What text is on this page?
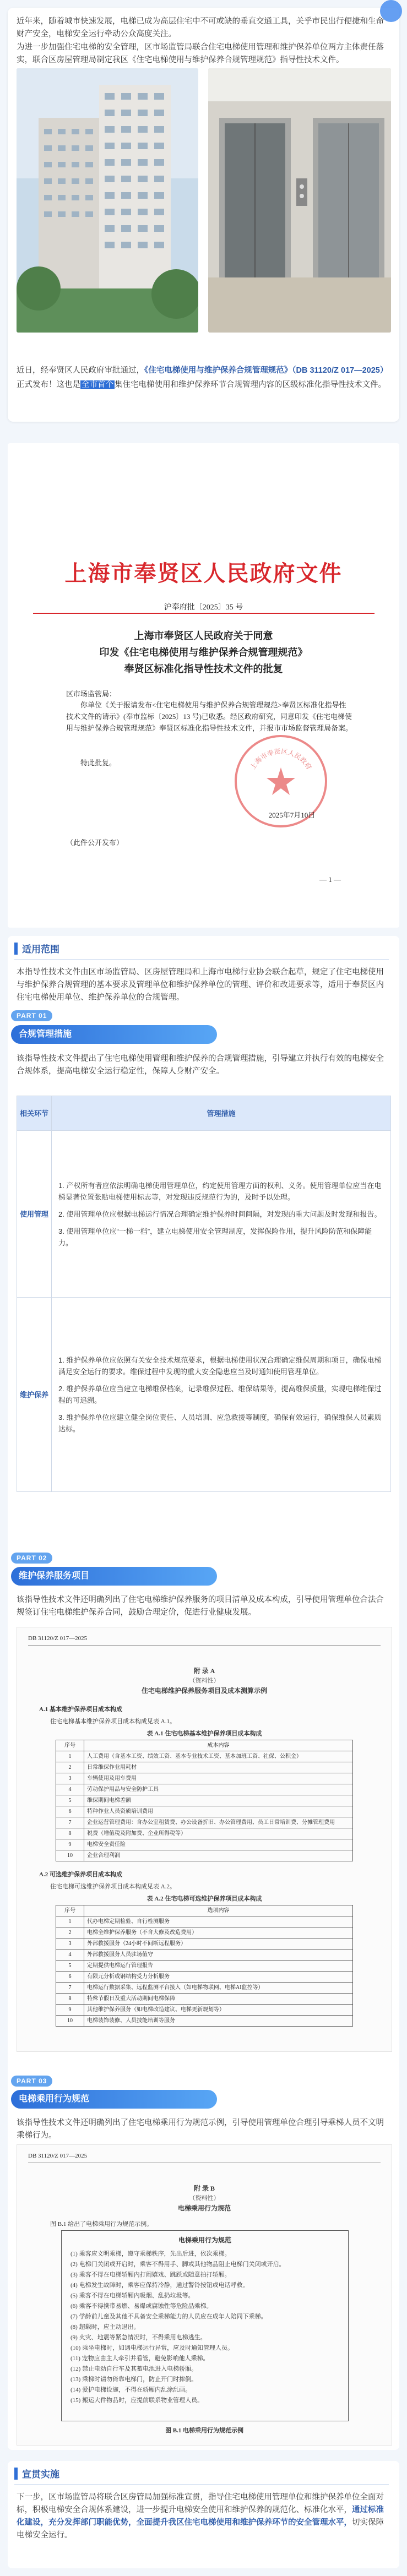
近年来，随着城市快速发展，电梯已成为高层住宅中不可或缺的垂直交通工具，关乎市民出行便捷和生命财产安全，电梯安全运行牵动公众高度关注。

为进一步加强住宅电梯的安全管理，区市场监管局联合住宅电梯使用管理和维护保养单位两方主体责任落实，联合区房屋管理局制定我区《住宅电梯使用与维护保养合规管理规范》指导性技术文件。

近日，经奉贤区人民政府审批通过，《住宅电梯使用与维护保养合规管理规范》（DB 31120/Z 017—2025）正式发布！这也是 全市首个 集住宅电梯使用和维护保养环节合规管理内容的区级标准化指导性技术文件。

上海市奉贤区人民政府文件
沪奉府批〔2025〕35 号
上海市奉贤区人民政府关于同意
印发《住宅电梯使用与维护保养合规管理规范》
奉贤区标准化指导性技术文件的批复
区市场监管局：
你单位《关于报请发布<住宅电梯使用与维护保养合规管理规范>奉贤区标准化指导性技术文件的请示》(奉市监标〔2025〕13 号)已收悉。经区政府研究，同意印发《住宅电梯使用与维护保养合规管理规范》奉贤区标准化指导性技术文件，并报市市场监督管理局备案。
特此批复。	上海市奉贤区人民政府
2025年7月10日
（此件公开发布）
— 1 —
适用范围

本指导性技术文件由区市场监管局、区房屋管理局和上海市电梯行业协会联合起草，规定了住宅电梯使用与维护保养合规管理的基本要求及管理单位和维护保养单位的管理、评价和改进要求等，适用于奉贤区内住宅电梯使用单位、维护保养单位的合规管理。

PART 01
合规管理措施

该指导性技术文件提出了住宅电梯使用管理和维护保养的合规管理措施，引导建立并执行有效的电梯安全合规体系，提高电梯安全运行稳定性，保障人身财产安全。

相关环节	管理措施
使用管理	1. 产权所有者应依法明确电梯使用管理单位，约定使用管理方面的权利、义务。使用管理单位应当在电梯显著位置张贴电梯使用标志等，对发现违反规范行为的，及时予以处理。
2. 使用管理单位应根据电梯运行情况合理确定维护保养时间间隔，对发现的重大问题及时发现和报告。
3. 使用管理单位应“一梯一档”，建立电梯使用安全管理制度，发挥保险作用，提升风险防范和保障能力。

维护保养	1. 维护保养单位应依照有关安全技术规范要求，根据电梯使用状况合理确定维保周期和项目，确保电梯满足安全运行的要求。维保过程中发现的重大安全隐患应当及时通知使用管理单位。
2. 维护保养单位应当建立电梯维保档案，记录维保过程、维保结果等，提高维保质量，实现电梯维保过程的可追溯。
3. 维护保养单位应建立健全岗位责任、人员培训、应急救援等制度，确保有效运行，确保维保人员素质达标。
PART 02
维护保养服务项目

该指导性技术文件还明确列出了住宅电梯维护保养服务的项目清单及成本构成，引导使用管理单位合法合规签订住宅电梯维护保养合同，鼓励合理定价，促进行业健康发展。

DB 31120/Z 017—2025
附 录 A
（资料性）
住宅电梯维护保养服务项目及成本测算示例
A.1 基本维护保养项目成本构成
住宅电梯基本维护保养项目成本构成见表 A.1。
表 A.1 住宅电梯基本维护保养项目成本构成
序号	成本内容
1	人工费用（含基本工资、绩效工资、基本专业技术工资、基本加班工资、社保、公积金）
2	日常维保作业用耗材
3	车辆使用及用车费用
4	劳动保护用品与安全防护工具
5	维保期间电梯差额
6	特种作业人员资质培训费用
7	企业运营管理费用：含办公室租赁费、办公设备折旧、办公管理费用、员工日常培训费、分摊管理费用
8	税费（增值税及附加费、企业所得税等）
9	电梯安全责任险
10	企业合理利润
A.2 可选维护保养项目成本构成
住宅电梯可选维护保养项目成本构成见表 A.2。
表 A.2 住宅电梯可选维护保养项目成本构成
序号	选项内容
1	代办电梯定期检验、自行检测服务
2	电梯全维护保养服务（不含大修及改造费用）
3	外部救援服务（24小时不间断远程服务）
4	外部救援服务人员驻场值守
5	定期提供电梯运行管理报告
6	有限元分析或钢结构受力分析服务
7	电梯运行数据采集、远程监测平台接入（如电梯物联网、电梯AI监控等）
8	特殊节假日及重大活动期间电梯保障
9	其他维护保养服务（如电梯改造建议、电梯更新规划等）
10	电梯装饰装修、人员技能培训等服务
PART 03
电梯乘用行为规范

该指导性技术文件还明确列出了住宅电梯乘用行为规范示例，引导使用管理单位合理引导乘梯人员不文明乘梯行为。

DB 31120/Z 017—2025
附 录 B
（资料性）
电梯乘用行为规范
图 B.1 给出了电梯乘用行为规范示例。
电梯乘用行为规范
(1) 乘客应文明乘梯，遵守乘梯秩序，先出后进，依次乘梯。
(2) 电梯门关闭或开启时，乘客不得用手、脚或其他物品阻止电梯门关闭或开启。
(3) 乘客不得在电梯轿厢内打闹嬉戏、跳跃或随意拍打轿厢。
(4) 电梯发生故障时，乘客应保持冷静，通过警铃按钮或电话呼救。
(5) 乘客不得在电梯轿厢内吸烟、乱扔垃圾等。
(6) 乘客不得携带易燃、易爆或腐蚀性等危险品乘梯。
(7) 学龄前儿童及其他不具备安全乘梯能力的人员应在成年人陪同下乘梯。
(8) 超载时，应主动退出。
(9) 火灾、地震等紧急情况时，不得乘用电梯逃生。
(10) 乘坐电梯时，如遇电梯运行异常，应及时通知管理人员。
(11) 宠物应由主人牵引并看管，避免影响他人乘梯。
(12) 禁止电动自行车及其蓄电池进入电梯轿厢。
(13) 乘梯时请勿倚靠电梯门，防止开门时摔倒。
(14) 爱护电梯设施，不得在轿厢内乱涂乱画。
(15) 搬运大件物品时，应提前联系物业管理人员。
图 B.1 电梯乘用行为规范示例
宣贯实施

下一步，区市场监管局将联合区房管局加强标准宣贯，指导住宅电梯使用管理单位和维护保养单位全面对标，积极电梯安全合规体系建设，进一步提升电梯安全使用和维护保养的规范化、标准化水平，通过标准化建设，充分发挥部门职能优势，全面提升我区住宅电梯使用和维护保养环节的安全管理水平，切实保障电梯安全运行。
